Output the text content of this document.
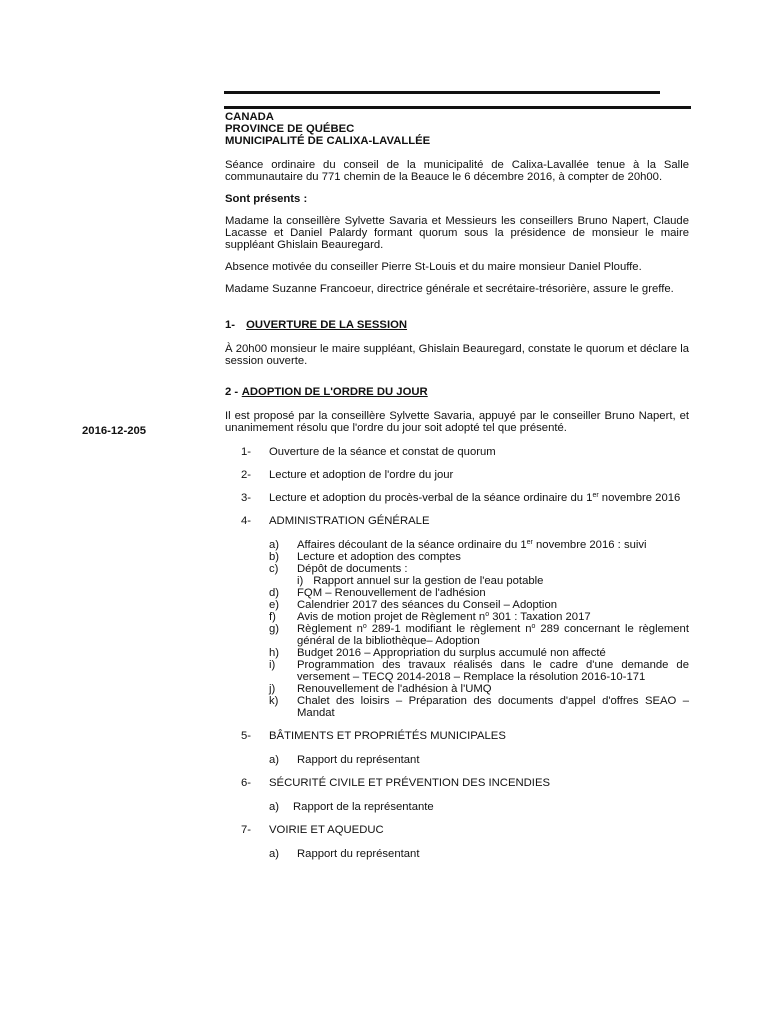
2016-12-205
CANADA
PROVINCE DE QUÉBEC
MUNICIPALITÉ DE CALIXA-LAVALLÉE

Séance ordinaire du conseil de la municipalité de Calixa-Lavallée tenue à la Salle communautaire du 771 chemin de la Beauce le 6 décembre 2016, à compter de 20h00.

Sont présents :

Madame la conseillère Sylvette Savaria et Messieurs les conseillers Bruno Napert, Claude Lacasse et Daniel Palardy formant quorum sous la présidence de monsieur le maire suppléant Ghislain Beauregard.

Absence motivée du conseiller Pierre St-Louis et du maire monsieur Daniel Plouffe.

Madame Suzanne Francoeur, directrice générale et secrétaire-trésorière, assure le greffe.

1- OUVERTURE DE LA SESSION

À 20h00 monsieur le maire suppléant, Ghislain Beauregard, constate le quorum et déclare la session ouverte.

2 - ADOPTION DE L'ORDRE DU JOUR

Il est proposé par la conseillère Sylvette Savaria, appuyé par le conseiller Bruno Napert, et unanimement résolu que l'ordre du jour soit adopté tel que présenté.

1- Ouverture de la séance et constat de quorum
2- Lecture et adoption de l'ordre du jour
3- Lecture et adoption du procès-verbal de la séance ordinaire du 1er novembre 2016
4- ADMINISTRATION GÉNÉRALE
a) Affaires découlant de la séance ordinaire du 1er novembre 2016 : suivi
b) Lecture et adoption des comptes
c) Dépôt de documents :
i) Rapport annuel sur la gestion de l'eau potable
d) FQM – Renouvellement de l'adhésion
e) Calendrier 2017 des séances du Conseil – Adoption
f) Avis de motion projet de Règlement $n^o$ 301 : Taxation 2017
g) Règlement $n^o$ 289-1 modifiant le règlement $n^o$ 289 concernant le règlement général de la bibliothèque– Adoption
h) Budget 2016 – Appropriation du surplus accumulé non affecté
i) Programmation des travaux réalisés dans le cadre d'une demande de versement – TECQ 2014-2018 – Remplace la résolution 2016-10-171
j) Renouvellement de l'adhésion à l'UMQ
k) Chalet des loisirs – Préparation des documents d'appel d'offres SEAO – Mandat
5- BÂTIMENTS ET PROPRIÉTÉS MUNICIPALES
a) Rapport du représentant
6- SÉCURITÉ CIVILE ET PRÉVENTION DES INCENDIES
a) Rapport de la représentante
7- VOIRIE ET AQUEDUC
a) Rapport du représentant
